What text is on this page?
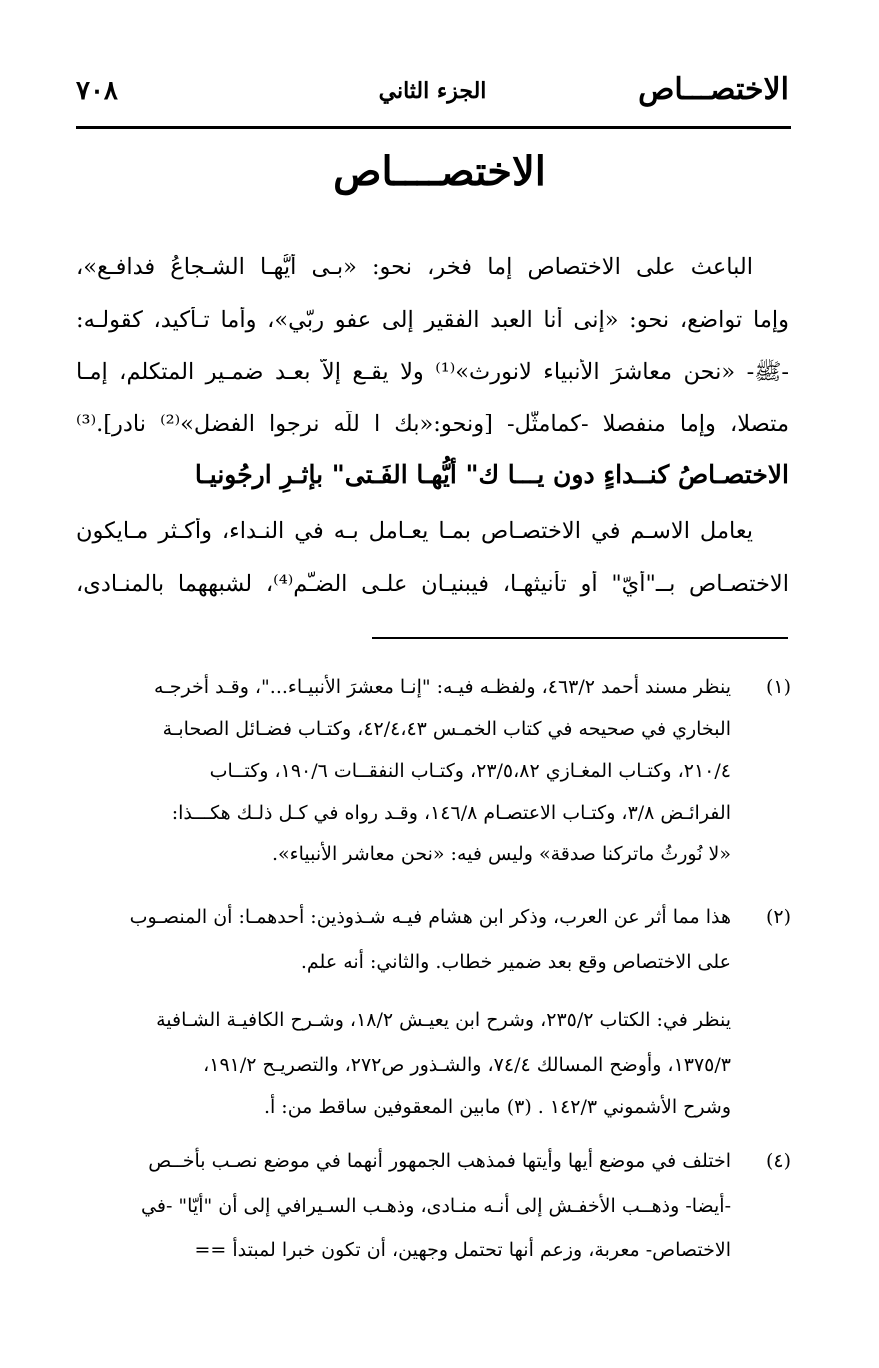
الاختصـــاص
الجزء الثاني
٧٠٨
الاختصــــاص
الباعث على الاختصاص إما فخر، نحو: «بـى أيُّهـا الشـجاعُ فدافـع»،
وإما تواضع، نحو: «إنى أنا العبد الفقير إلى عفو ربّي»، وأما تـأكيد، كقولـه:
-ﷺ- «نحن معاشرَ الأنبياء لانورث»⁽¹⁾ ولا يقـع إلاّ بعـد ضمـير المتكلم، إمـا
متصلا، وإما منفصلا -كمامثّل- [ونحو:«بك ا للّه نرجوا الفضل»⁽²⁾ نادر].⁽³⁾
الاختصـاصُ كنــداءٍ دون يـــا ك" أيُّهـا الفَـتى" بإثـرِ ارجُونيـا
يعامل الاسـم في الاختصـاص بمـا يعـامل بـه في النـداء، وأكـثر مـايكون
الاختصـاص بــ"أيّ" أو تأنيثهـا، فيبنيـان علـى الضـّم⁽⁴⁾، لشبههما بالمنـادى،
(١)
ينظر مسند أحمد ٤٦٣/٢، ولفظـه فيـه: "إنـا معشرَ الأنبيـاء..."، وقـد أخرجـه
البخاري في صحيحه في كتاب الخمـس ٤٢/٤،٤٣، وكتـاب فضـائل الصحابـة
٢١٠/٤، وكتـاب المغـازي ٢٣/٥،٨٢، وكتـاب النفقــات ١٩٠/٦، وكتــاب
الفرائـض ٣/٨، وكتـاب الاعتصـام ١٤٦/٨، وقـد رواه في كـل ذلـك هكـــذا:
«لا نُورثُ ماتركنا صدقة» وليس فيه: «نحن معاشر الأنبياء».
(٢)
هذا مما أثر عن العرب، وذكر ابن هشام فيـه شـذوذين: أحدهمـا: أن المنصـوب
على الاختصاص وقع بعد ضمير خطاب. والثاني: أنه علم.
ينظر في: الكتاب ٢٣٥/٢، وشرح ابن يعيـش ١٨/٢، وشـرح الكافيـة الشـافية
١٣٧٥/٣، وأوضح المسالك ٧٤/٤، والشـذور ص٢٧٢، والتصريـح ١٩١/٢،
وشرح الأشموني ١٤٢/٣ . (٣) مابين المعقوفين ساقط من: أ.
(٤)
اختلف في موضع أيها وأيتها فمذهب الجمهور أنهما في موضع نصـب بأخــص
-أيضا- وذهــب الأخفـش إلى أنـه منـادى، وذهـب السـيرافي إلى أن "أيّا" -في
الاختصاص- معربة، وزعم أنها تحتمل وجهين، أن تكون خبرا لمبتدأ ==
